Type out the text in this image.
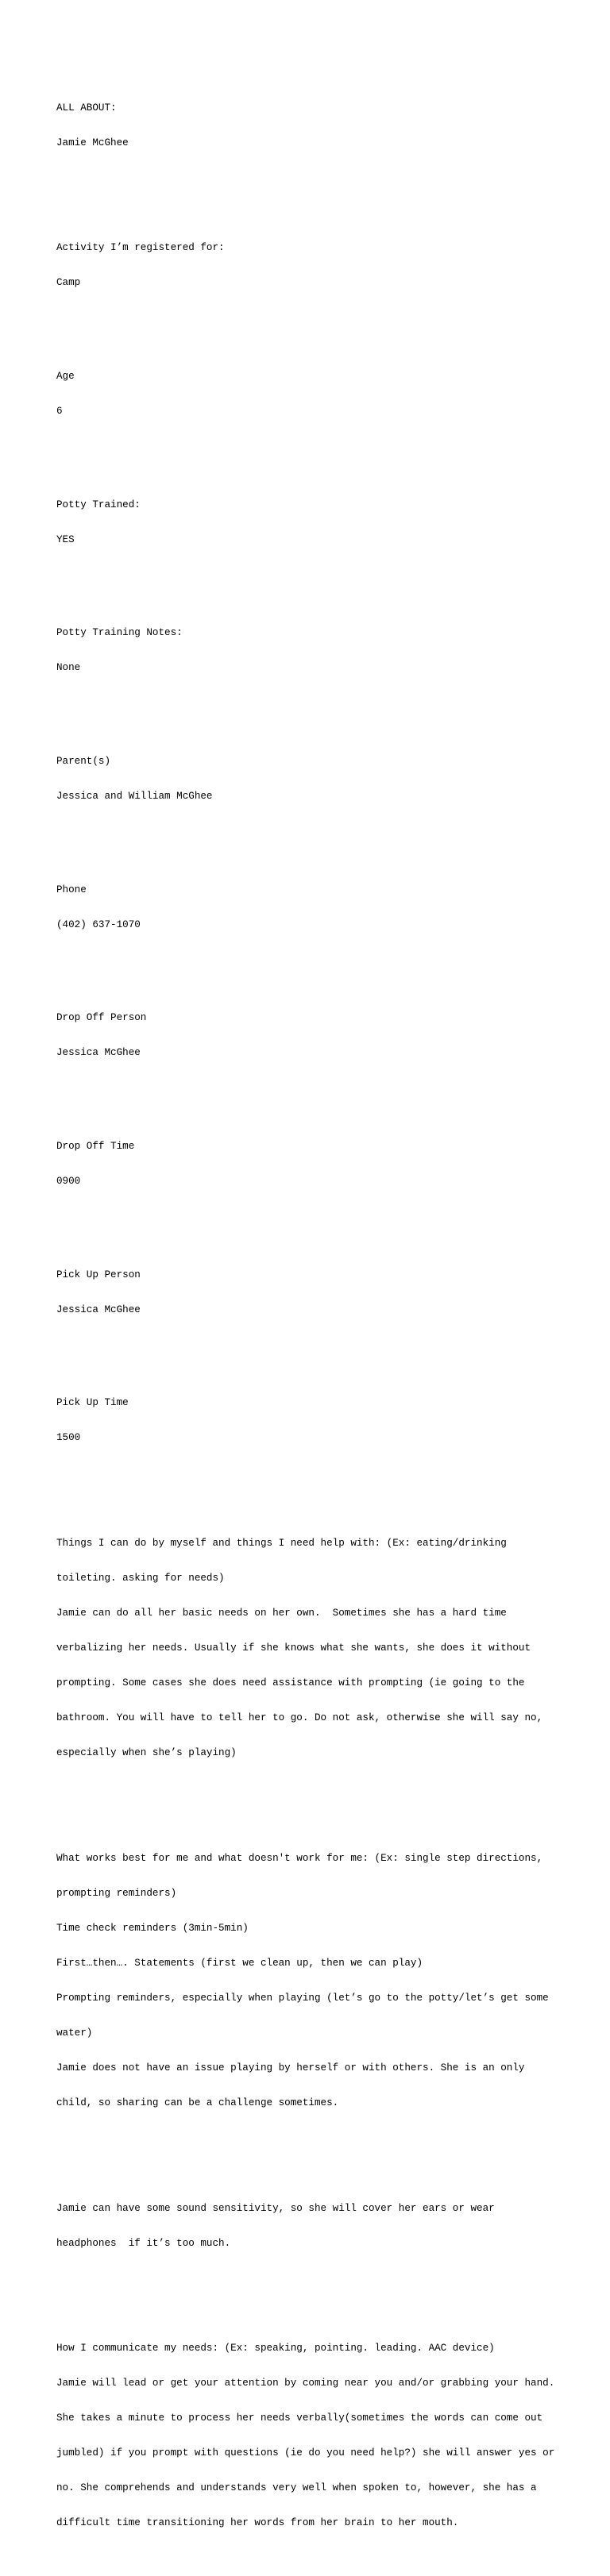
ALL ABOUT:

Jamie McGhee

Activity I’m registered for:

Camp

Age

6

Potty Trained:

YES

Potty Training Notes:

None

Parent(s)

Jessica and William McGhee

Phone

(402) 637-1070

Drop Off Person

Jessica McGhee

Drop Off Time

0900

Pick Up Person

Jessica McGhee

Pick Up Time

1500

Things I can do by myself and things I need help with: (Ex: eating/drinking

toileting. asking for needs)

Jamie can do all her basic needs on her own.  Sometimes she has a hard time

verbalizing her needs. Usually if she knows what she wants, she does it without

prompting. Some cases she does need assistance with prompting (ie going to the

bathroom. You will have to tell her to go. Do not ask, otherwise she will say no,

especially when she’s playing)

What works best for me and what doesn't work for me: (Ex: single step directions,

prompting reminders)

Time check reminders (3min-5min)

First…then…. Statements (first we clean up, then we can play)

Prompting reminders, especially when playing (let’s go to the potty/let’s get some

water)

Jamie does not have an issue playing by herself or with others. She is an only

child, so sharing can be a challenge sometimes.

Jamie can have some sound sensitivity, so she will cover her ears or wear

headphones  if it’s too much.

How I communicate my needs: (Ex: speaking, pointing. leading. AAC device)

Jamie will lead or get your attention by coming near you and/or grabbing your hand.

She takes a minute to process her needs verbally(sometimes the words can come out

jumbled) if you prompt with questions (ie do you need help?) she will answer yes or

no. She comprehends and understands very well when spoken to, however, she has a

difficult time transitioning her words from her brain to her mouth.
